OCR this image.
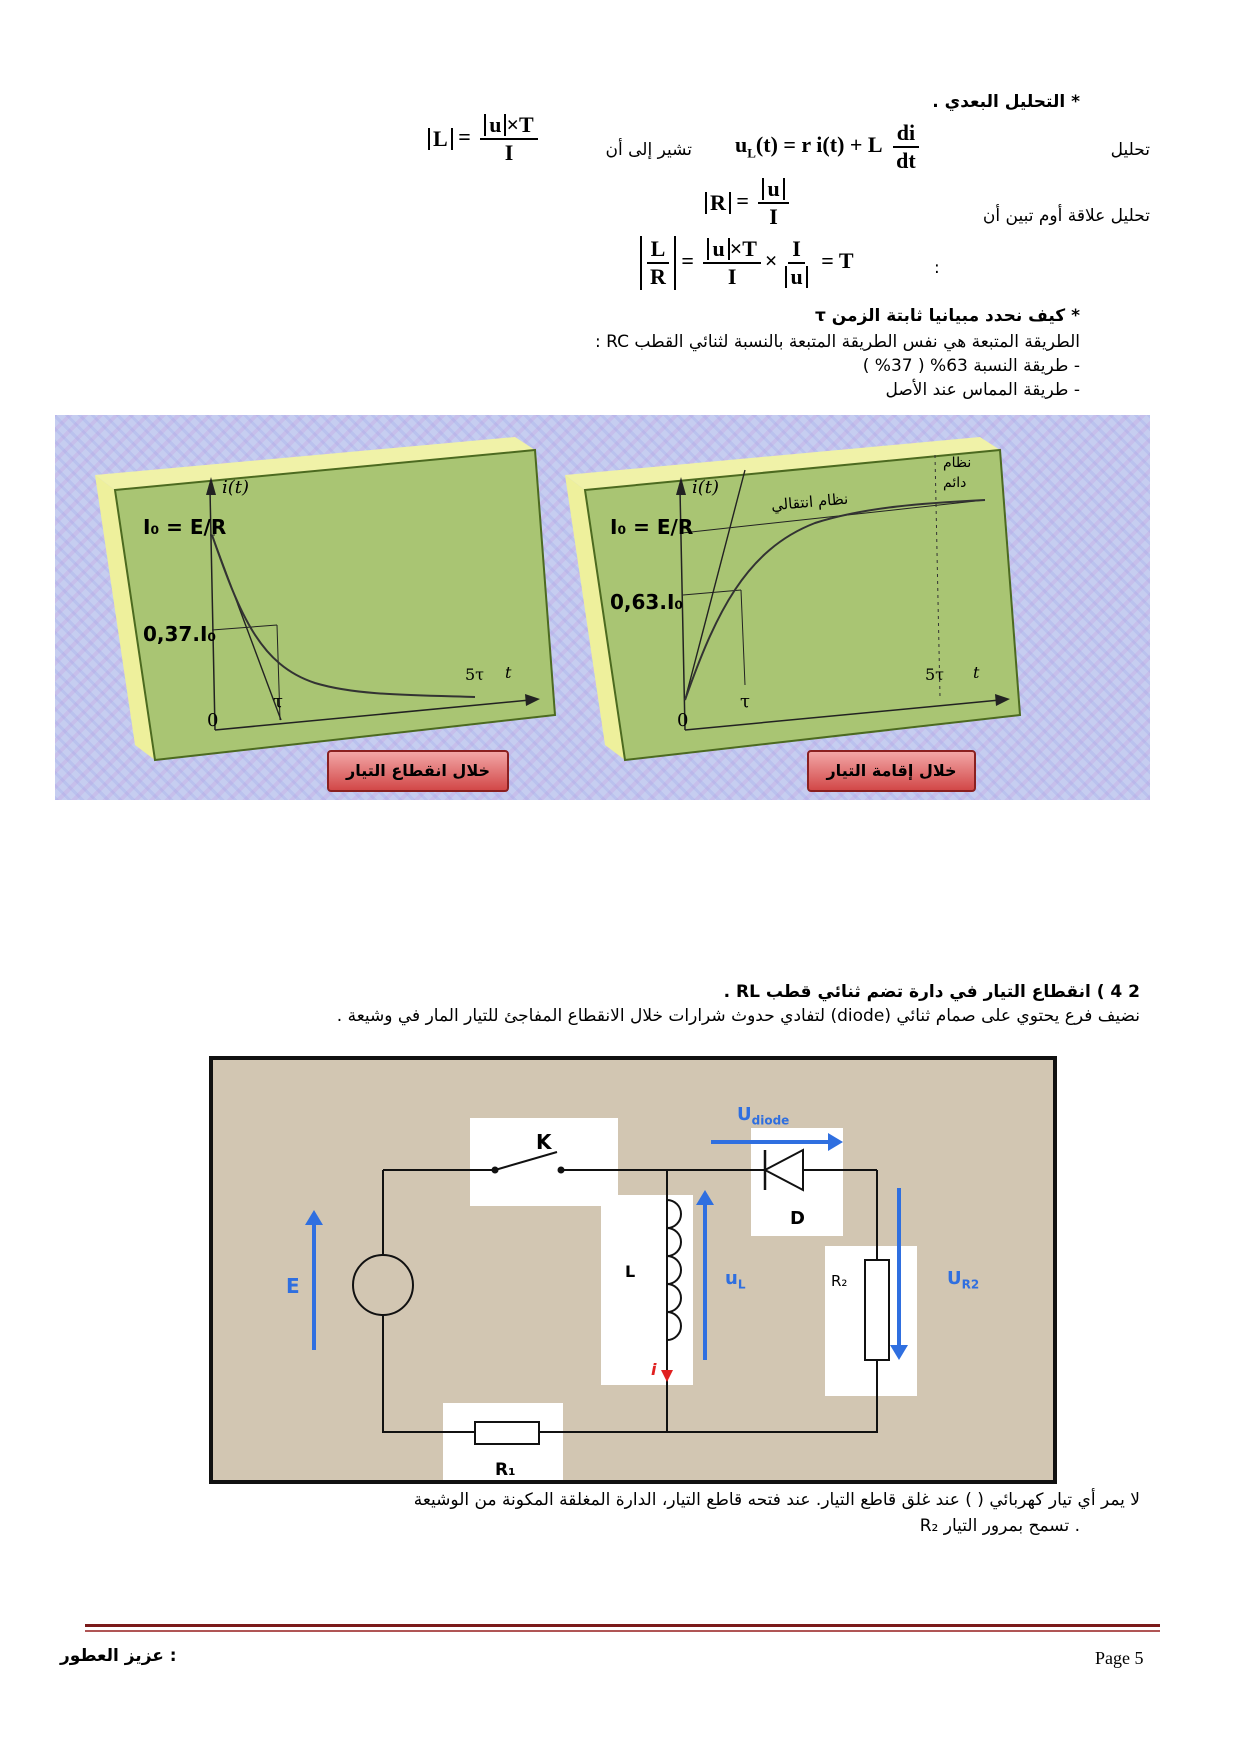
* التحليل البعدي .
تحليل
$u_L(t) = r$ i(t) + L $\frac{di}{dt}$
تشير إلى أن
$L = \frac{u \times T}{I}$
تحليل علاقة أوم تبين أن
$R = \frac{u}{I}$
:
$\frac{L}{R} = \frac{u \times T}{I} \times \frac{I}{u} = T$
* كيف نحدد مبيانيا ثابتة الزمن τ
الطريقة المتبعة هي نفس الطريقة المتبعة بالنسبة لثنائي القطب RC :
- طريقة النسبة 63% ( 37% )
- طريقة المماس عند الأصل
i(t)
I₀ = E/R
0,37.I₀
0
τ
5τ t
i(t)
I₀ = E/R
0,63.I₀
0
τ
5τ t
نظام انتقالي
نظام
دائم
خلال انقطاع التيار	خلال إقامة التيار
2 4 ) انقطاع التيار في دارة تضم ثنائي قطب RL .
نضيف فرع يحتوي على صمام ثنائي (diode) لتفادي حدوث شرارات خلال الانقطاع المفاجئ للتيار المار في وشيعة .
K
D
$U_{diode}$
L	$u_L$	R₂	$U_{R2}$
E
i
R₁
لا يمر أي تيار كهربائي ( ) عند غلق قاطع التيار. عند فتحه قاطع التيار، الدارة المغلقة المكونة من الوشيعة
R₂ تسمح بمرور التيار .
: عزيز العطور	Page 5
